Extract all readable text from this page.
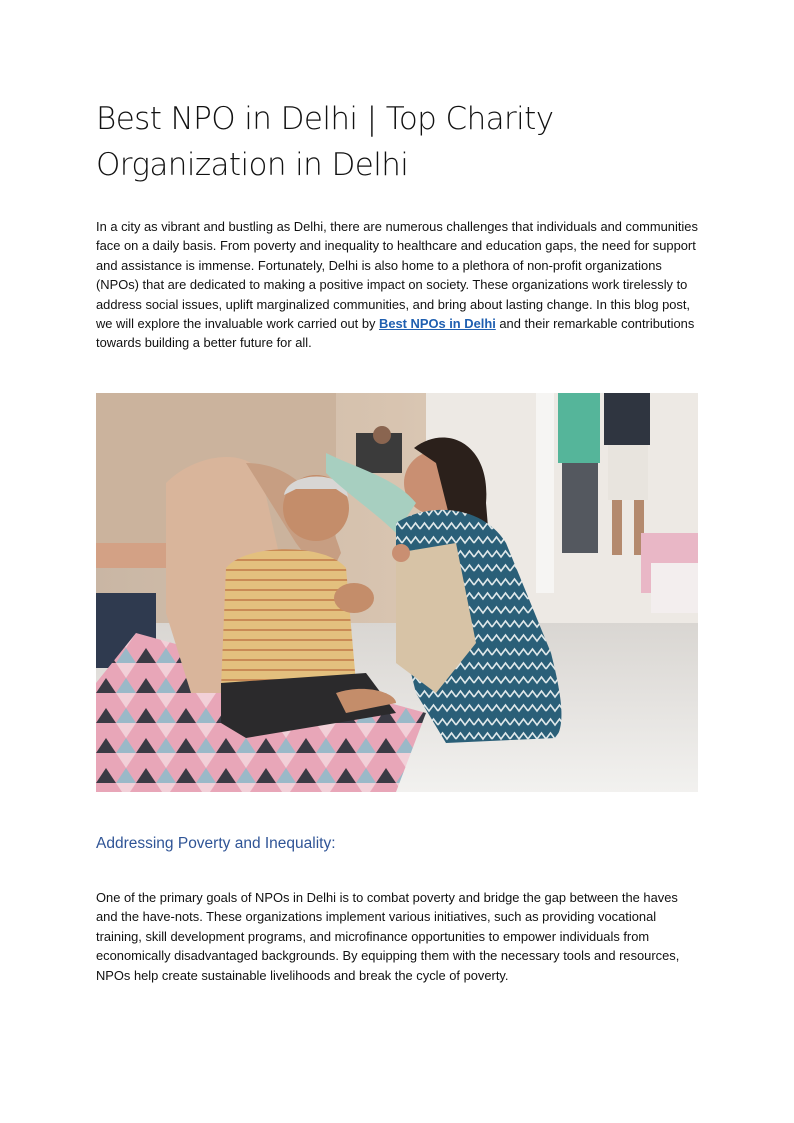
Best NPO in Delhi | Top Charity Organization in Delhi

In a city as vibrant and bustling as Delhi, there are numerous challenges that individuals and communities face on a daily basis. From poverty and inequality to healthcare and education gaps, the need for support and assistance is immense. Fortunately, Delhi is also home to a plethora of non-profit organizations (NPOs) that are dedicated to making a positive impact on society. These organizations work tirelessly to address social issues, uplift marginalized communities, and bring about lasting change. In this blog post, we will explore the invaluable work carried out by Best NPOs in Delhi and their remarkable contributions towards building a better future for all.

Addressing Poverty and Inequality:

One of the primary goals of NPOs in Delhi is to combat poverty and bridge the gap between the haves and the have-nots. These organizations implement various initiatives, such as providing vocational training, skill development programs, and microfinance opportunities to empower individuals from economically disadvantaged backgrounds. By equipping them with the necessary tools and resources, NPOs help create sustainable livelihoods and break the cycle of poverty.
